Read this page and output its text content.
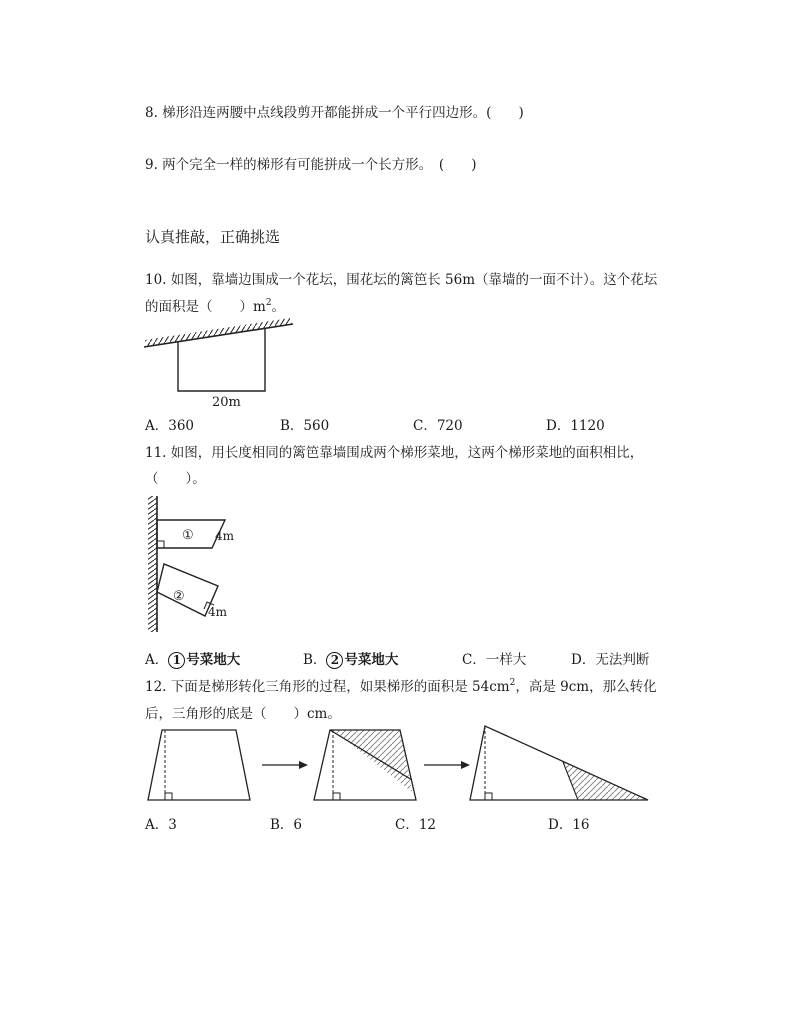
8. 梯形沿连两腰中点线段剪开都能拼成一个平行四边形。(　　)
9. 两个完全一样的梯形有可能拼成一个长方形。　(　　)
认真推敲，正确挑选
10. 如图，靠墙边围成一个花坛，围花坛的篱笆长 56m（靠墙的一面不计）。这个花坛
的面积是（　　）$m^2$。
20m
A．360	B．560	C．720	D．1120
11. 如图，用长度相同的篱笆靠墙围成两个梯形菜地，这两个梯形菜地的面积相比，
（　　）。
① 4m
②
4m
A． 1 号菜地大	B． 2 号菜地大	C．一样大	D．无法判断
12. 下面是梯形转化三角形的过程，如果梯形的面积是 $54cm^2$，高是 9cm，那么转化
后，三角形的底是（　　）cm。
A．3	B．6	C．12	D．16
